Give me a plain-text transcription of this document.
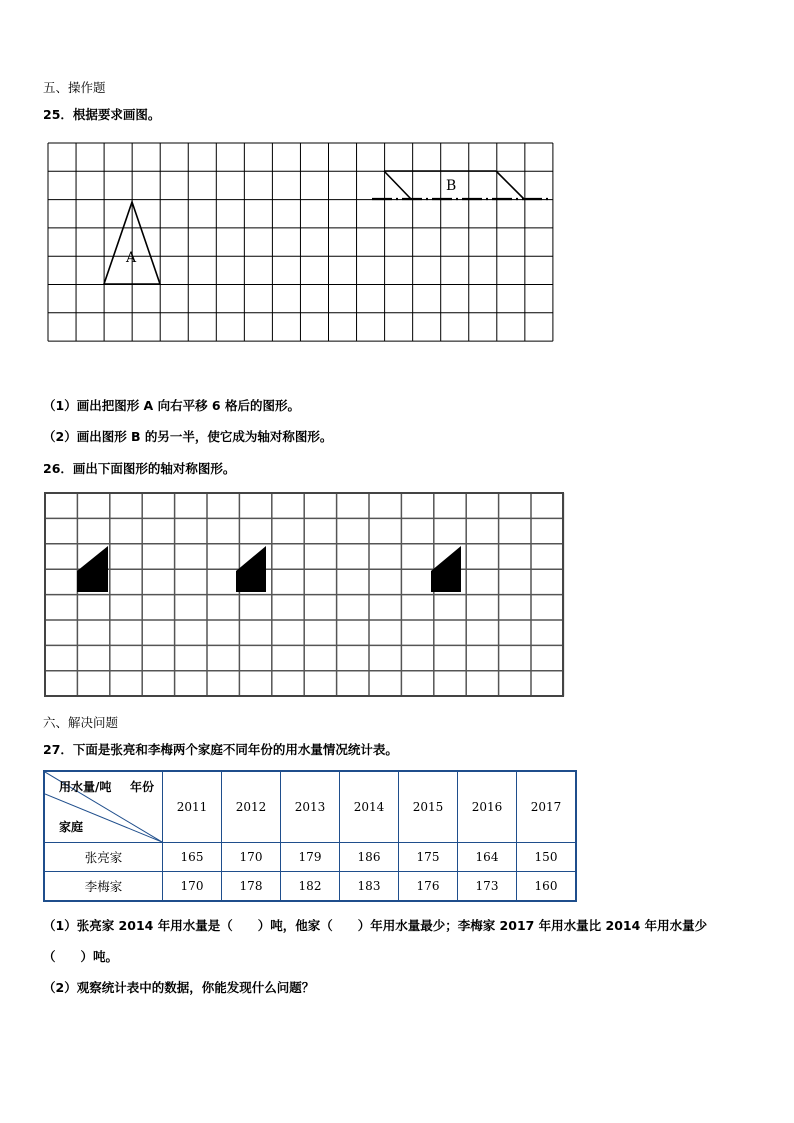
五、操作题
25．根据要求画图。
A
B
（1）画出把图形 A 向右平移 6 格后的图形。
（2）画出图形 B 的另一半，使它成为轴对称图形。
26．画出下面图形的轴对称图形。
六、解决问题
27．下面是张亮和李梅两个家庭不同年份的用水量情况统计表。
用水量/吨 年份
家庭	2011	2012	2013	2014	2015	2016	2017
张亮家	165	170	179	186	175	164	150
李梅家	170	178	182	183	176	173	160
（1）张亮家 2014 年用水量是（　　）吨，他家（　　）年用水量最少；李梅家 2017 年用水量比 2014 年用水量少
（　　）吨。
（2）观察统计表中的数据，你能发现什么问题？
